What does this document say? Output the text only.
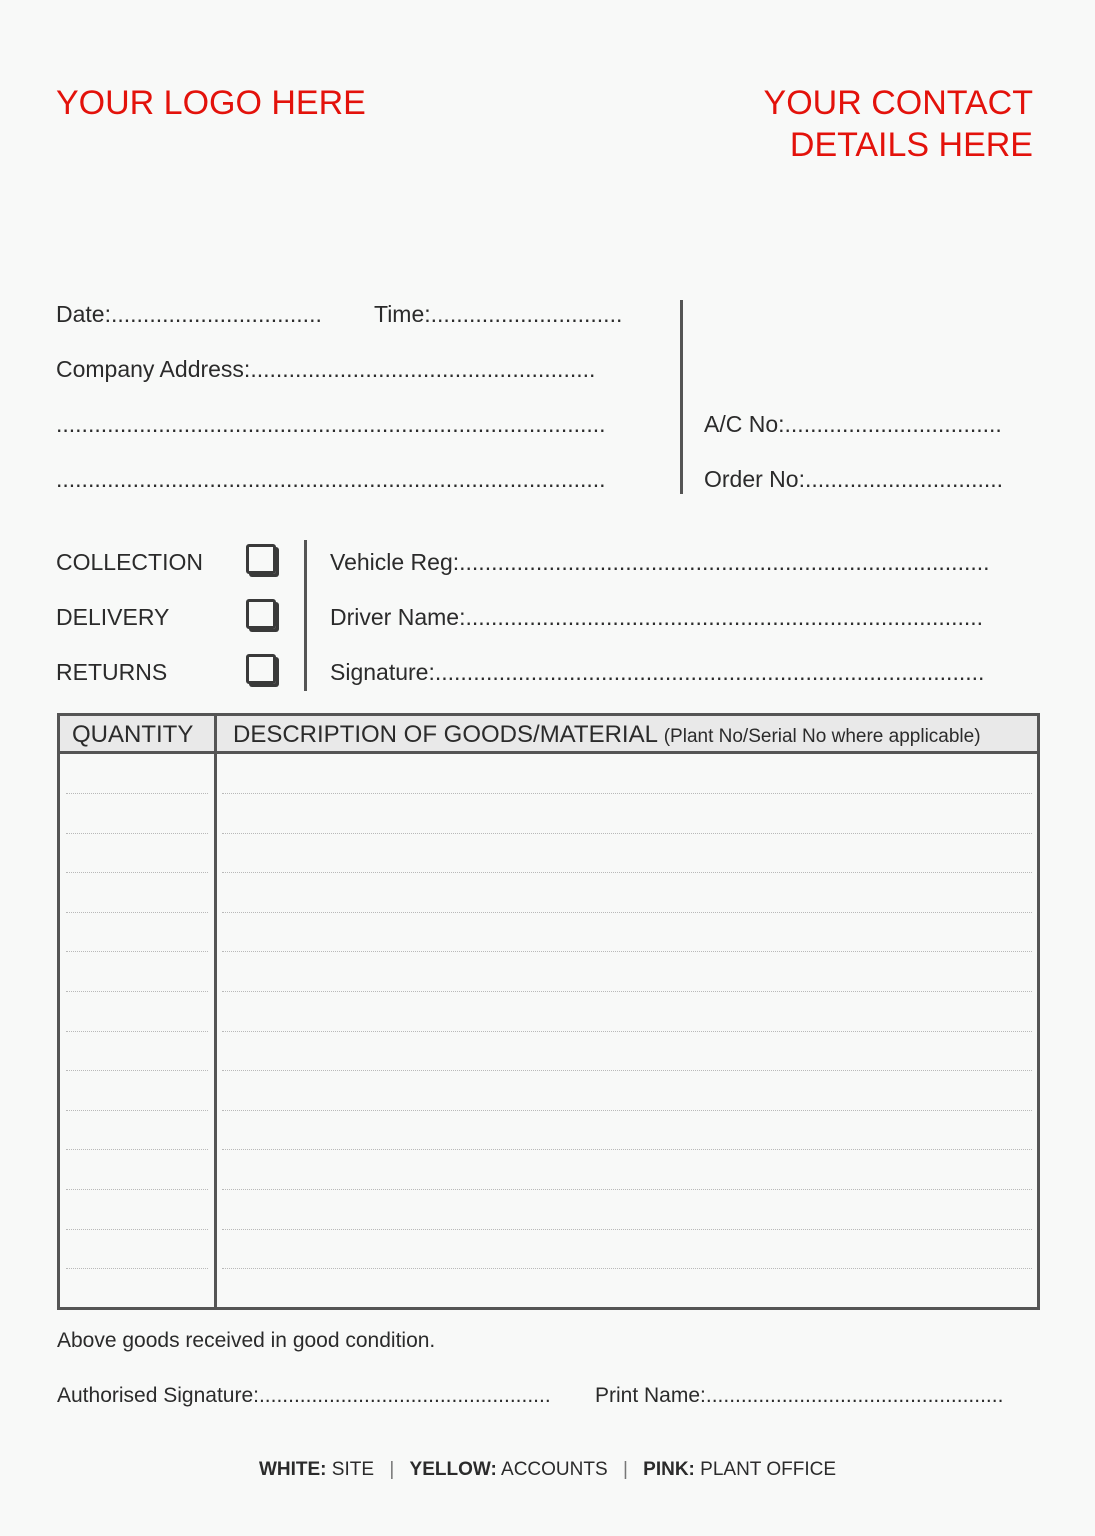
YOUR LOGO HERE	YOUR CONTACT
DETAILS HERE
Date:................................. Time:..............................
Company Address:......................................................
......................................................................................
......................................................................................
A/C No:..................................
Order No:...............................
COLLECTION
DELIVERY
RETURNS
Vehicle Reg:...................................................................................
Driver Name:.................................................................................
Signature:......................................................................................
QUANTITY DESCRIPTION OF GOODS/MATERIAL (Plant No/Serial No where applicable)
Above goods received in good condition.
Authorised Signature:.................................................. Print Name:...................................................
WHITE: SITE | YELLOW: ACCOUNTS | PINK: PLANT OFFICE
